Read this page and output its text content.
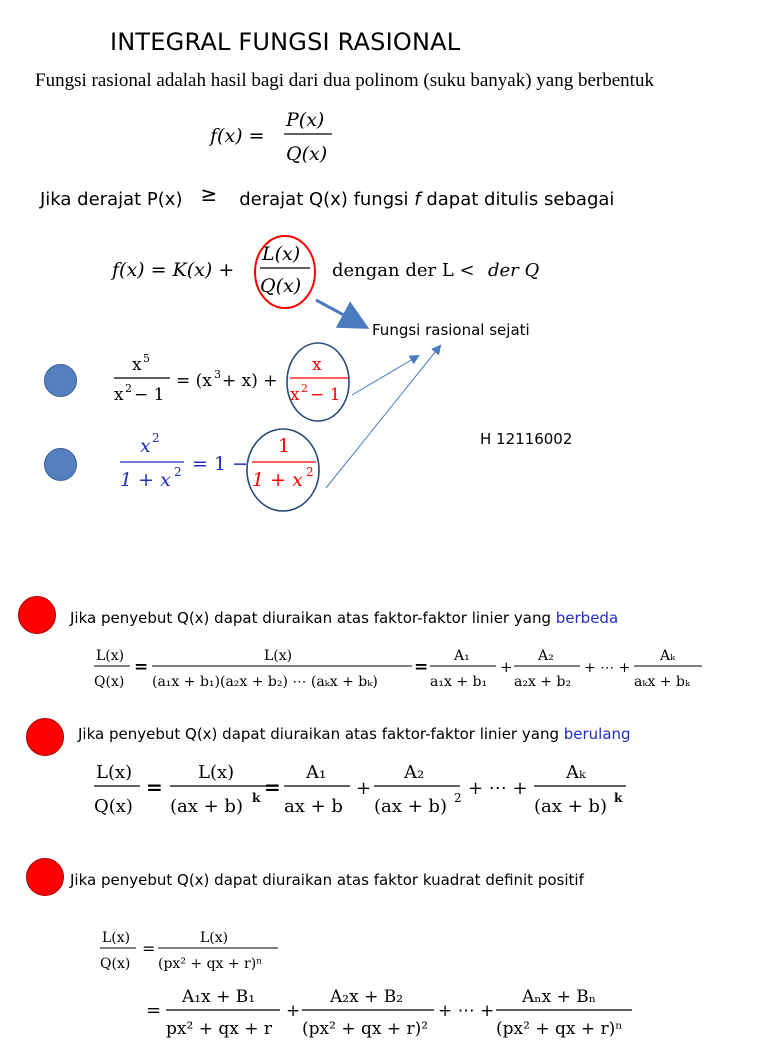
INTEGRAL FUNGSI RASIONAL
Fungsi rasional adalah hasil bagi dari dua polinom (suku banyak) yang berbentuk
f(x) =
P(x)
Q(x)
Jika derajat P(x) ≥ derajat Q(x) fungsi f dapat ditulis sebagai
f(x) = K(x) +
L(x)
Q(x)
dengan der L < der Q
Fungsi rasional sejati
x 5
x 2 − 1
= (x 3 + x) +
x
x 2 − 1
H 12116002
x 2
1 + x 2 = 1 −
1
1 + x 2
Jika penyebut Q(x) dapat diuraikan atas faktor-faktor linier yang berbeda
L(x)
Q(x)
=
L(x)
(a₁x + b₁)(a₂x + b₂) ⋯ (aₖx + bₖ)
=
A₁
a₁x + b₁
+
A₂
a₂x + b₂
+ ⋯ +
Aₖ
aₖx + bₖ
Jika penyebut Q(x) dapat diuraikan atas faktor-faktor linier yang berulang
L(x)
Q(x)
=
L(x)
(ax + b) k =
A₁
ax + b
+
A₂
(ax + b) 2 + ⋯ +
Aₖ
(ax + b) k
Jika penyebut Q(x) dapat diuraikan atas faktor kuadrat definit positif
L(x)
Q(x)
=
L(x)
(px² + qx + r)ⁿ
=
A₁x + B₁
px² + qx + r
+
A₂x + B₂
(px² + qx + r)²
+ ⋯ +
Aₙx + Bₙ
(px² + qx + r)ⁿ
